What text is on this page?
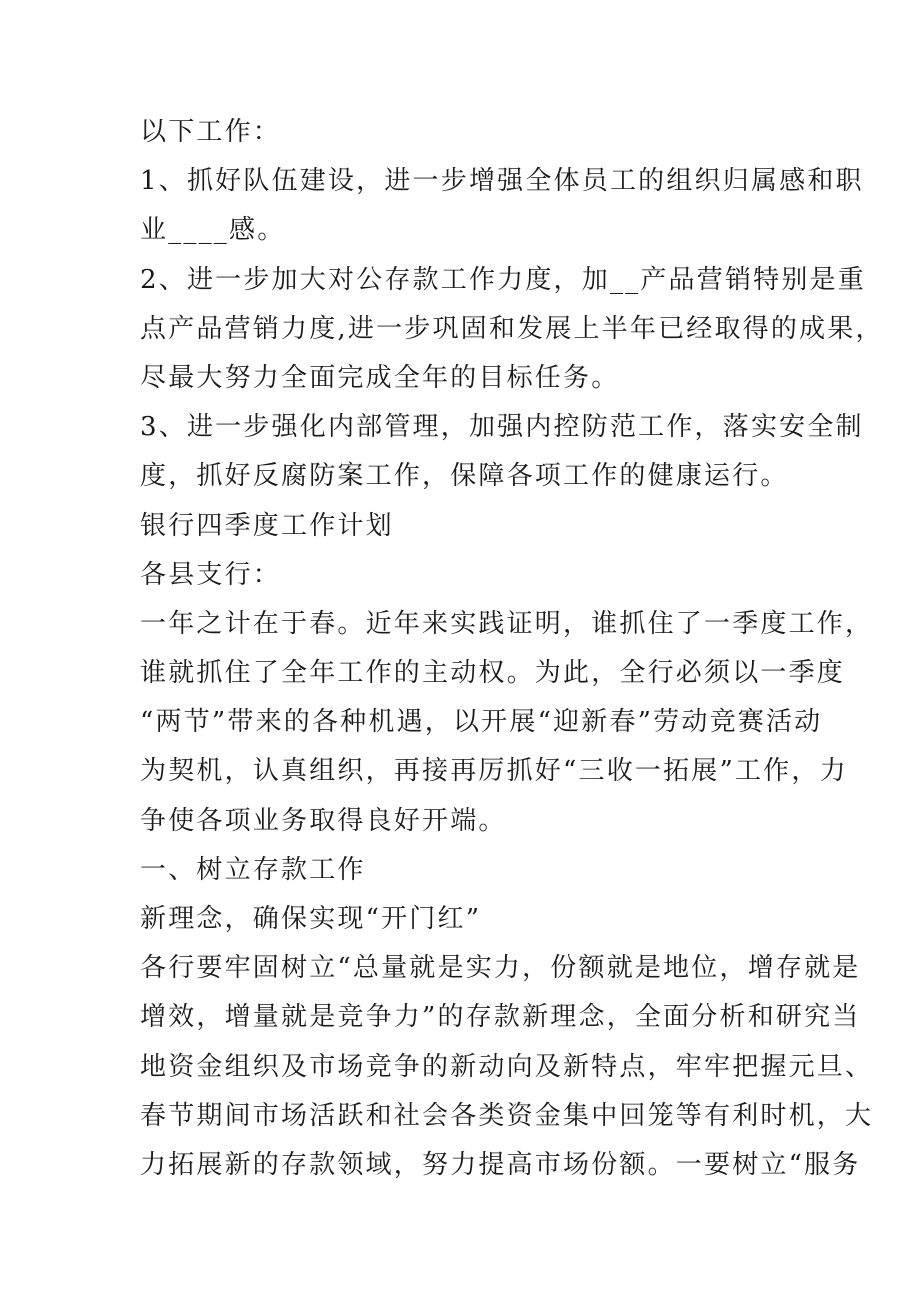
以下工作：
1、抓好队伍建设，进一步增强全体员工的组织归属感和职
业____感。
2、进一步加大对公存款工作力度，加__产品营销特别是重
点产品营销力度,进一步巩固和发展上半年已经取得的成果，
尽最大努力全面完成全年的目标任务。
3、进一步强化内部管理，加强内控防范工作，落实安全制
度，抓好反腐防案工作，保障各项工作的健康运行。
银行四季度工作计划
各县支行：
一年之计在于春。近年来实践证明，谁抓住了一季度工作，
谁就抓住了全年工作的主动权。为此，全行必须以一季度
“两节”带来的各种机遇，以开展“迎新春”劳动竞赛活动
为契机，认真组织，再接再厉抓好“三收一拓展”工作，力
争使各项业务取得良好开端。
一、树立存款工作
新理念，确保实现“开门红”
各行要牢固树立“总量就是实力，份额就是地位，增存就是
增效，增量就是竞争力”的存款新理念，全面分析和研究当
地资金组织及市场竞争的新动向及新特点，牢牢把握元旦、
春节期间市场活跃和社会各类资金集中回笼等有利时机，大
力拓展新的存款领域，努力提高市场份额。一要树立“服务
